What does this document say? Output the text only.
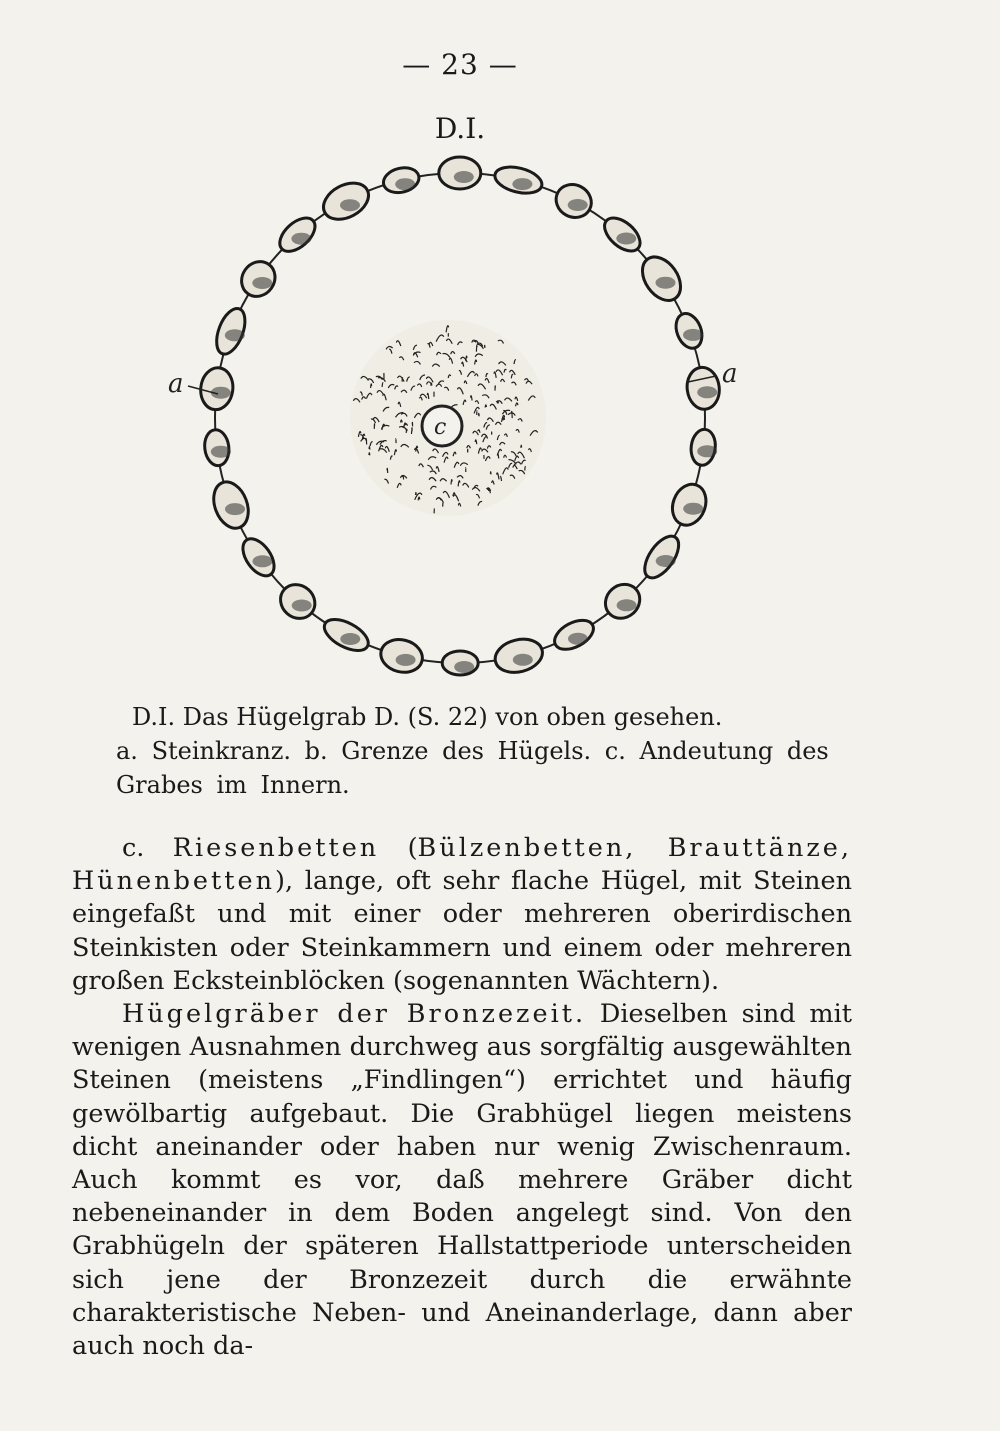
— 23 —
D.I.
c
a	a
D.I. Das Hügelgrab D. (S. 22) von oben gesehen.
a. Steinkranz. b. Grenze des Hügels. c. Andeutung des Grabes im Innern.

c. Riesenbetten (Bülzenbetten, Brauttänze, Hünenbetten), lange, oft sehr flache Hügel, mit Steinen eingefaßt und mit einer oder mehreren oberirdischen Steinkisten oder Steinkammern und einem oder mehreren großen Ecksteinblöcken (sogenannten Wächtern).

Hügelgräber der Bronzezeit. Dieselben sind mit wenigen Ausnahmen durchweg aus sorgfältig ausgewählten Steinen (meistens „Findlingen“) errichtet und häufig gewölbartig aufgebaut. Die Grabhügel liegen meistens dicht aneinander oder haben nur wenig Zwischenraum. Auch kommt es vor, daß mehrere Gräber dicht nebeneinander in dem Boden angelegt sind. Von den Grabhügeln der späteren Hallstattperiode unterscheiden sich jene der Bronzezeit durch die erwähnte charakteristische Neben- und Aneinanderlage, dann aber auch noch da-
